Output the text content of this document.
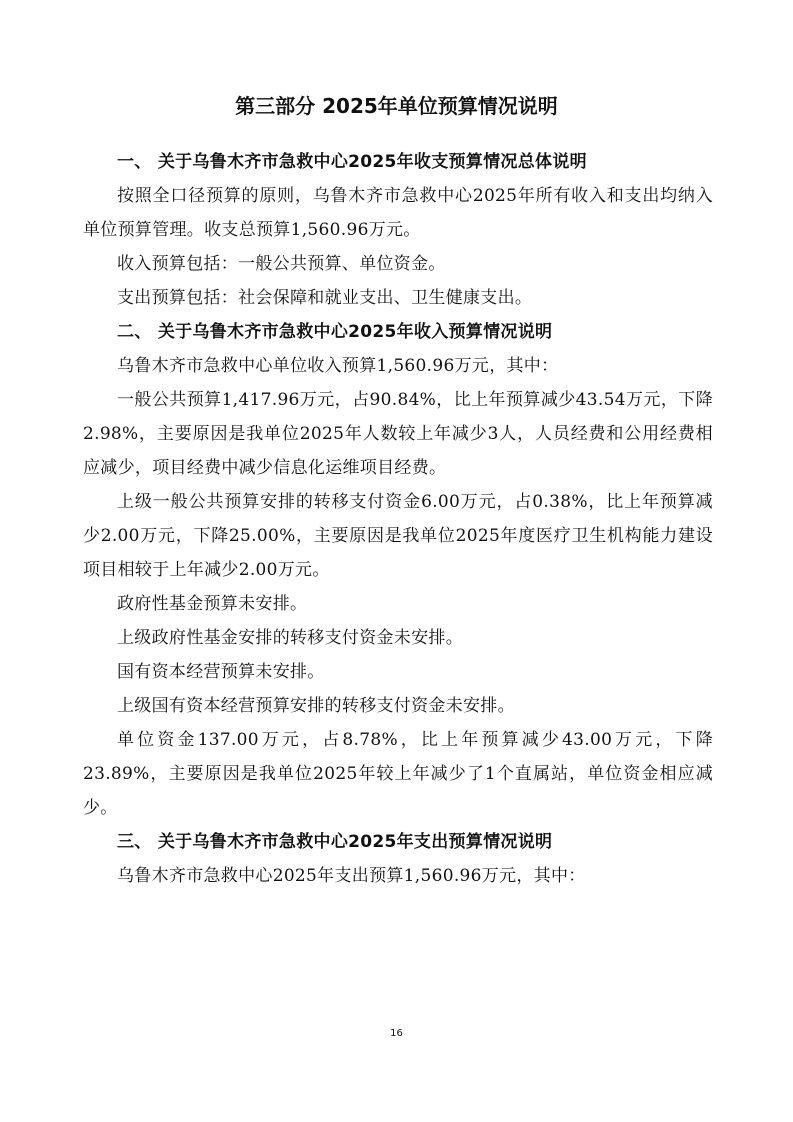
第三部分 2025年单位预算情况说明

一、 关于乌鲁木齐市急救中心2025年收支预算情况总体说明

按照全口径预算的原则，乌鲁木齐市急救中心2025年所有收入和支出均纳入单位预算管理。收支总预算1,560.96万元。

收入预算包括：一般公共预算、单位资金。

支出预算包括：社会保障和就业支出、卫生健康支出。

二、 关于乌鲁木齐市急救中心2025年收入预算情况说明

乌鲁木齐市急救中心单位收入预算1,560.96万元，其中：

一般公共预算1,417.96万元，占90.84%，比上年预算减少43.54万元，下降2.98%，主要原因是我单位2025年人数较上年减少3人，人员经费和公用经费相应减少，项目经费中减少信息化运维项目经费。

上级一般公共预算安排的转移支付资金6.00万元，占0.38%，比上年预算减少2.00万元，下降25.00%，主要原因是我单位2025年度医疗卫生机构能力建设项目相较于上年减少2.00万元。

政府性基金预算未安排。

上级政府性基金安排的转移支付资金未安排。

国有资本经营预算未安排。

上级国有资本经营预算安排的转移支付资金未安排。

单位资金137.00万元，占8.78%，比上年预算减少43.00万元，下降23.89%，主要原因是我单位2025年较上年减少了1个直属站，单位资金相应减少。

三、 关于乌鲁木齐市急救中心2025年支出预算情况说明

乌鲁木齐市急救中心2025年支出预算1,560.96万元，其中：

16
